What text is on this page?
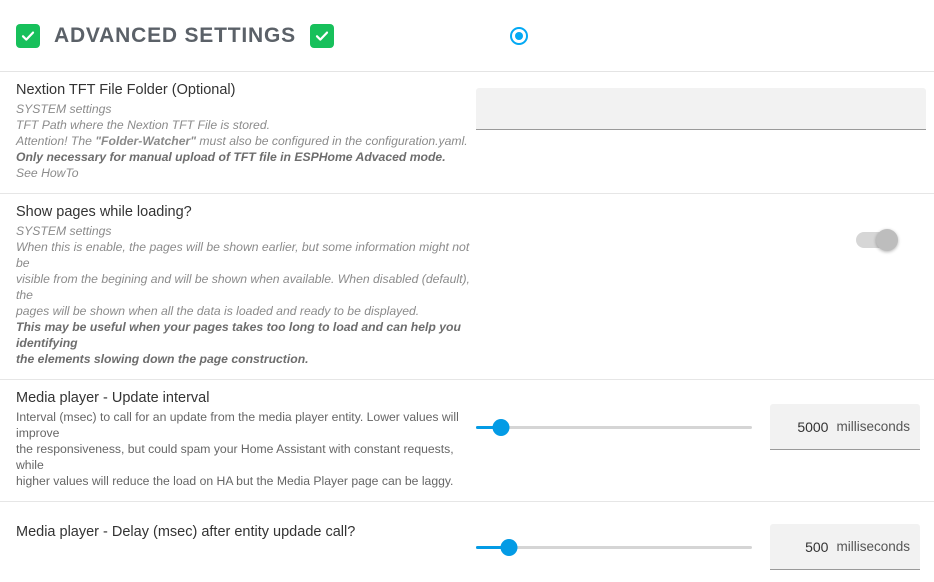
ADVANCED SETTINGS
Nextion TFT File Folder (Optional)
SYSTEM settings
TFT Path where the Nextion TFT File is stored.
Attention! The "Folder-Watcher" must also be configured in the configuration.yaml.
Only necessary for manual upload of TFT file in ESPHome Advaced mode.
See HowTo
Show pages while loading?
SYSTEM settings
When this is enable, the pages will be shown earlier, but some information might not be
visible from the begining and will be shown when available. When disabled (default), the
pages will be shown when all the data is loaded and ready to be displayed.
This may be useful when your pages takes too long to load and can help you identifying
the elements slowing down the page construction.
Media player - Update interval
Interval (msec) to call for an update from the media player entity. Lower values will improve
the responsiveness, but could spam your Home Assistant with constant requests, while
higher values will reduce the load on HA but the Media Player page can be laggy.
5000 milliseconds
Media player - Delay (msec) after entity updade call?
500 milliseconds
